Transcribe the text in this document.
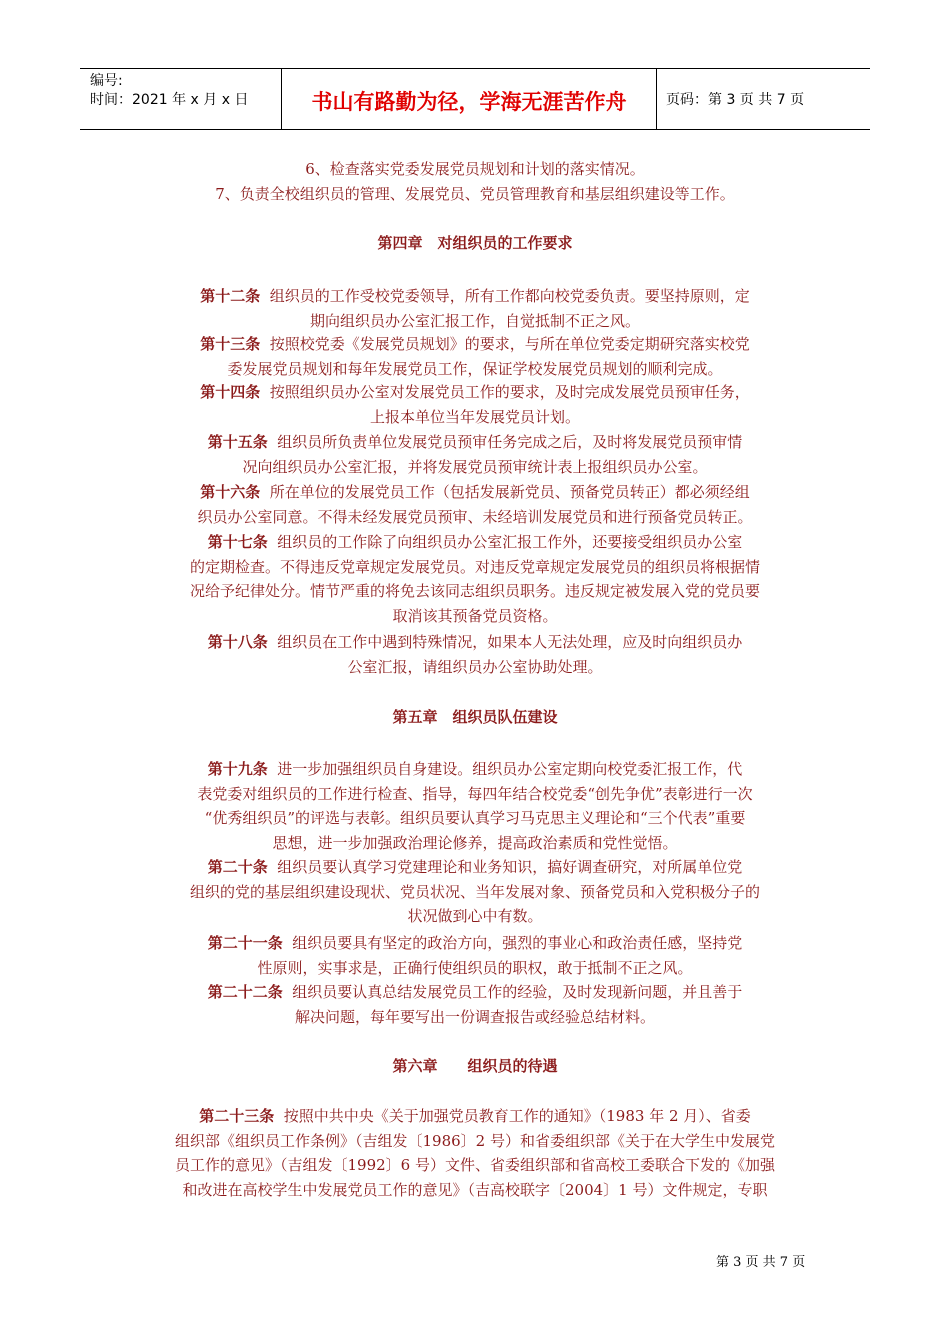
编号:
时间：2021 年 x 月 x 日	书山有路勤为径，学海无涯苦作舟	页码：第 3 页 共 7 页
6、检查落实党委发展党员规划和计划的落实情况。
7、负责全校组织员的管理、发展党员、党员管理教育和基层组织建设等工作。
第四章　对组织员的工作要求
第十二条 组织员的工作受校党委领导，所有工作都向校党委负责。要坚持原则，定
期向组织员办公室汇报工作，自觉抵制不正之风。
第十三条 按照校党委《发展党员规划》的要求，与所在单位党委定期研究落实校党
委发展党员规划和每年发展党员工作，保证学校发展党员规划的顺利完成。
第十四条 按照组织员办公室对发展党员工作的要求，及时完成发展党员预审任务，
上报本单位当年发展党员计划。
第十五条 组织员所负责单位发展党员预审任务完成之后，及时将发展党员预审情
况向组织员办公室汇报，并将发展党员预审统计表上报组织员办公室。
第十六条 所在单位的发展党员工作（包括发展新党员、预备党员转正）都必须经组
织员办公室同意。不得未经发展党员预审、未经培训发展党员和进行预备党员转正。
第十七条 组织员的工作除了向组织员办公室汇报工作外，还要接受组织员办公室
的定期检查。不得违反党章规定发展党员。对违反党章规定发展党员的组织员将根据情
况给予纪律处分。情节严重的将免去该同志组织员职务。违反规定被发展入党的党员要
取消该其预备党员资格。
第十八条 组织员在工作中遇到特殊情况，如果本人无法处理，应及时向组织员办
公室汇报，请组织员办公室协助处理。
第五章　组织员队伍建设
第十九条 进一步加强组织员自身建设。组织员办公室定期向校党委汇报工作，代
表党委对组织员的工作进行检查、指导，每四年结合校党委“创先争优”表彰进行一次
“优秀组织员”的评选与表彰。组织员要认真学习马克思主义理论和“三个代表”重要
思想，进一步加强政治理论修养，提高政治素质和党性觉悟。
第二十条 组织员要认真学习党建理论和业务知识，搞好调查研究，对所属单位党
组织的党的基层组织建设现状、党员状况、当年发展对象、预备党员和入党积极分子的
状况做到心中有数。
第二十一条 组织员要具有坚定的政治方向，强烈的事业心和政治责任感，坚持党
性原则，实事求是，正确行使组织员的职权，敢于抵制不正之风。
第二十二条 组织员要认真总结发展党员工作的经验，及时发现新问题，并且善于
解决问题，每年要写出一份调查报告或经验总结材料。
第六章　　组织员的待遇
第二十三条 按照中共中央《关于加强党员教育工作的通知》（1983 年 2 月）、省委
组织部《组织员工作条例》（吉组发〔1986〕2 号）和省委组织部《关于在大学生中发展党
员工作的意见》（吉组发〔1992〕6 号）文件、省委组织部和省高校工委联合下发的《加强
和改进在高校学生中发展党员工作的意见》（吉高校联字〔2004〕1 号）文件规定，专职
第 3 页 共 7 页
